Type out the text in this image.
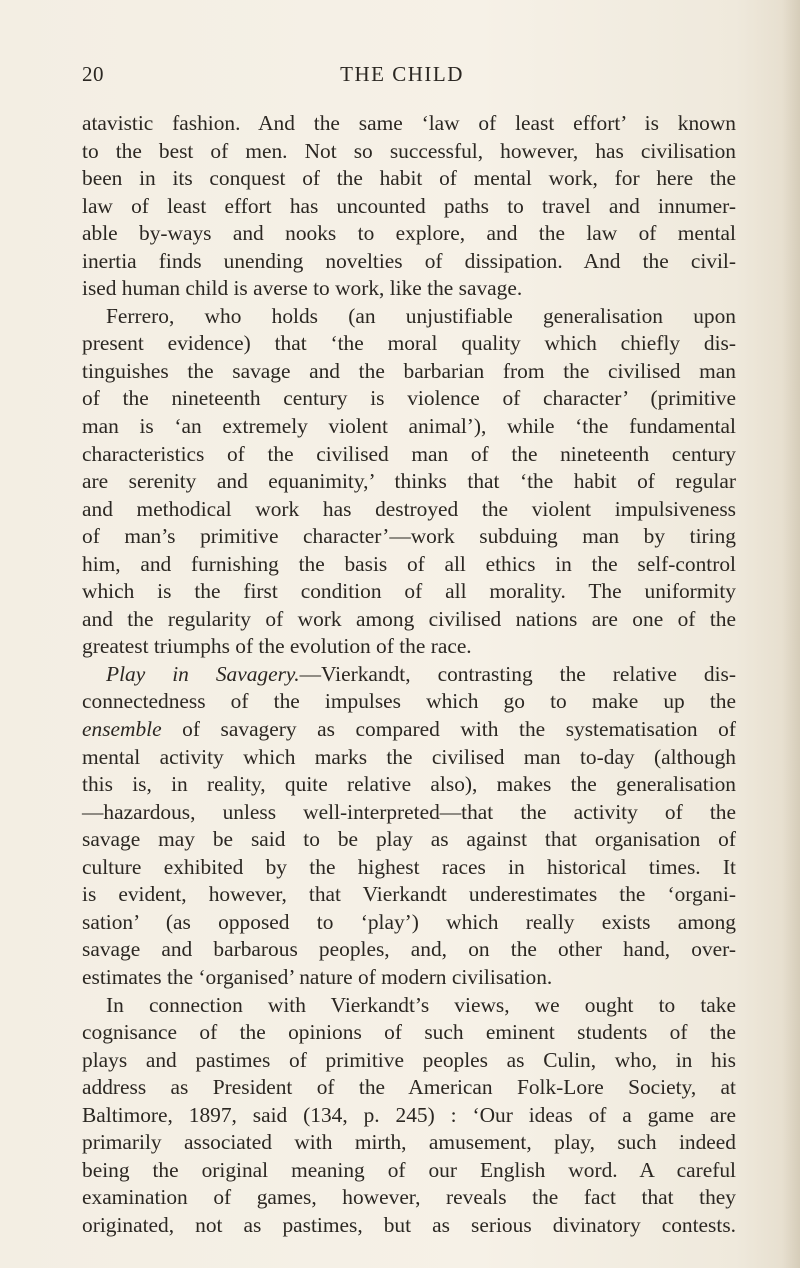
20	THE CHILD
atavistic fashion. And the same ‘law of least effort’ is known
to the best of men. Not so successful, however, has civilisation
been in its conquest of the habit of mental work, for here the
law of least effort has uncounted paths to travel and innumer-
able by-ways and nooks to explore, and the law of mental
inertia finds unending novelties of dissipation. And the civil-
ised human child is averse to work, like the savage.
Ferrero, who holds (an unjustifiable generalisation upon
present evidence) that ‘the moral quality which chiefly dis-
tinguishes the savage and the barbarian from the civilised man
of the nineteenth century is violence of character’ (primitive
man is ‘an extremely violent animal’), while ‘the fundamental
characteristics of the civilised man of the nineteenth century
are serenity and equanimity,’ thinks that ‘the habit of regular
and methodical work has destroyed the violent impulsiveness
of man’s primitive character’—work subduing man by tiring
him, and furnishing the basis of all ethics in the self-control
which is the first condition of all morality. The uniformity
and the regularity of work among civilised nations are one of the
greatest triumphs of the evolution of the race.
Play in Savagery.—Vierkandt, contrasting the relative dis-
connectedness of the impulses which go to make up the
ensemble of savagery as compared with the systematisation of
mental activity which marks the civilised man to-day (although
this is, in reality, quite relative also), makes the generalisation
—hazardous, unless well-interpreted—that the activity of the
savage may be said to be play as against that organisation of
culture exhibited by the highest races in historical times. It
is evident, however, that Vierkandt underestimates the ‘organi-
sation’ (as opposed to ‘play’) which really exists among
savage and barbarous peoples, and, on the other hand, over-
estimates the ‘organised’ nature of modern civilisation.
In connection with Vierkandt’s views, we ought to take
cognisance of the opinions of such eminent students of the
plays and pastimes of primitive peoples as Culin, who, in his
address as President of the American Folk-Lore Society, at
Baltimore, 1897, said (134, p. 245) : ‘Our ideas of a game are
primarily associated with mirth, amusement, play, such indeed
being the original meaning of our English word. A careful
examination of games, however, reveals the fact that they
originated, not as pastimes, but as serious divinatory contests.
